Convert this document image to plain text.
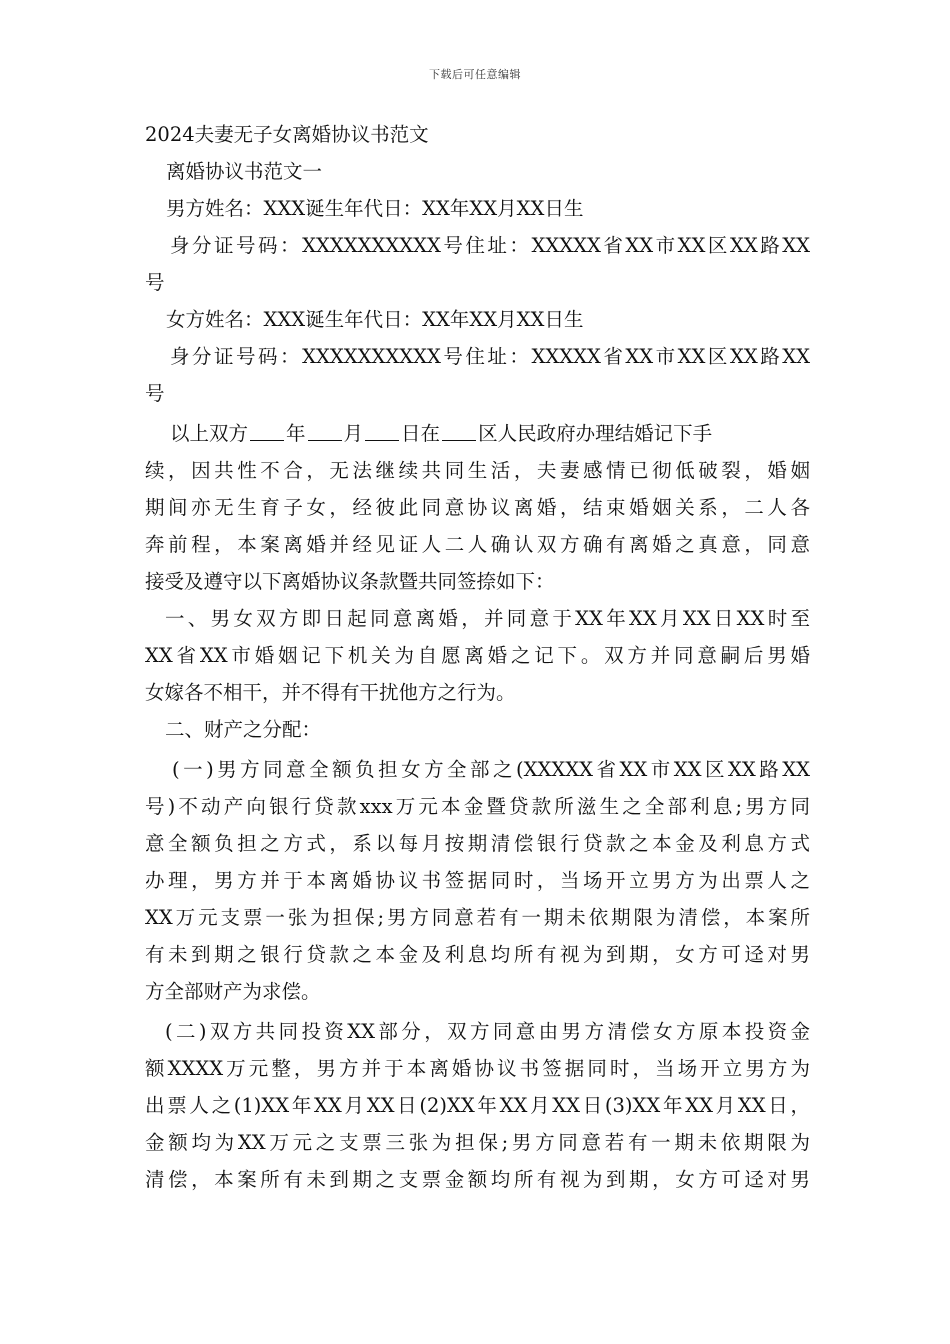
下载后可任意编辑
2024夫妻无子女离婚协议书范文
离婚协议书范文一
男方姓名：XXX诞生年代日：XX年XX月XX日生
身分证号码：XXXXXXXXXX号住址：XXXXX省XX市XX区XX路XX
号
女方姓名：XXX诞生年代日：XX年XX月XX日生
身分证号码：XXXXXXXXXX号住址：XXXXX省XX市XX区XX路XX
号
以上双方 年 月 日在 区人民政府办理结婚记下手
续，因共性不合，无法继续共同生活，夫妻感情已彻低破裂，婚姻
期间亦无生育子女，经彼此同意协议离婚，结束婚姻关系，二人各
奔前程，本案离婚并经见证人二人确认双方确有离婚之真意，同意
接受及遵守以下离婚协议条款暨共同签捺如下：
一、男女双方即日起同意离婚，并同意于XX年XX月XX日XX时至
XX省XX市婚姻记下机关为自愿离婚之记下。双方并同意嗣后男婚
女嫁各不相干，并不得有干扰他方之行为。
二、财产之分配：
(一)男方同意全额负担女方全部之(XXXXX省XX市XX区XX路XX
号)不动产向银行贷款xxx万元本金暨贷款所滋生之全部利息;男方同
意全额负担之方式，系以每月按期清偿银行贷款之本金及利息方式
办理，男方并于本离婚协议书签据同时，当场开立男方为出票人之
XX万元支票一张为担保;男方同意若有一期未依期限为清偿，本案所
有未到期之银行贷款之本金及利息均所有视为到期，女方可迳对男
方全部财产为求偿。
(二)双方共同投资XX部分，双方同意由男方清偿女方原本投资金
额XXXX万元整，男方并于本离婚协议书签据同时，当场开立男方为
出票人之(1)XX年XX月XX日(2)XX年XX月XX日(3)XX年XX月XX日，
金额均为XX万元之支票三张为担保;男方同意若有一期未依期限为
清偿，本案所有未到期之支票金额均所有视为到期，女方可迳对男
